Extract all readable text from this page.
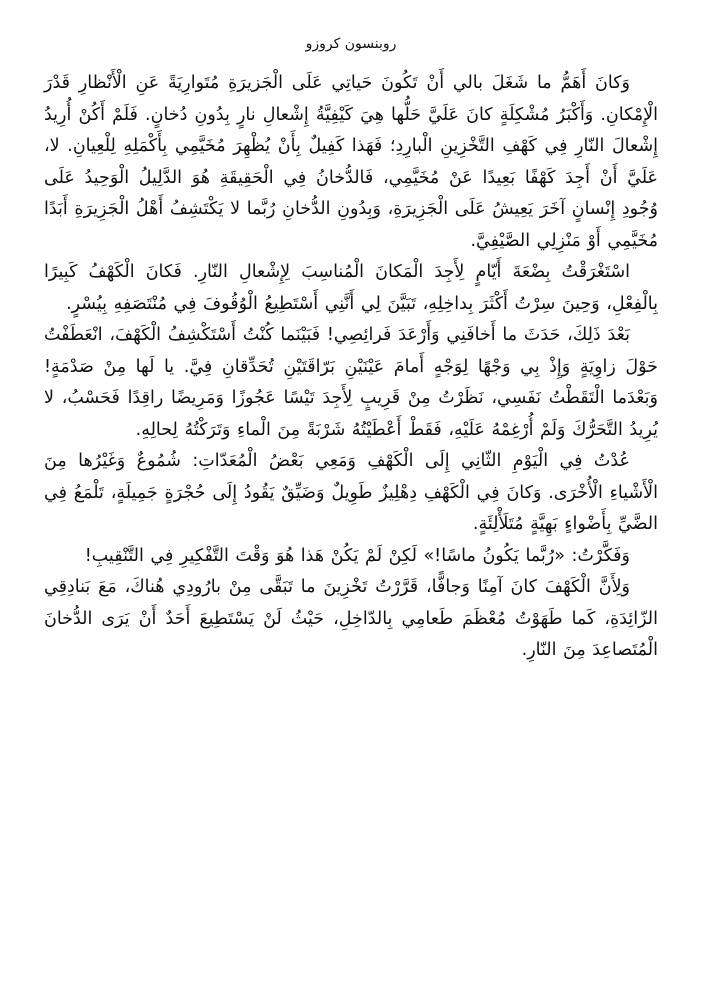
روبنسون كروزو

وَكانَ أَهَمُّ ما شَغَلَ بالي أَنْ تَكُونَ حَياتِي عَلَى الْجَزيرَةِ مُتَوارِيَةً عَنِ الْأَنْظارِ قَدْرَ الْإِمْكانِ. وَأَكْبَرُ مُشْكِلَةٍ كانَ عَلَيَّ حَلُّها هِيَ كَيْفِيَّةُ إِشْعالِ نارٍ بِدُونِ دُخانٍ. فَلَمْ أَكُنْ أُرِيدُ إِشْعالَ النّارِ فِي كَهْفِ التَّخْزِينِ الْبارِدِ؛ فَهَذا كَفِيلٌ بِأَنْ يُظْهِرَ مُخَيَّمِي بِأَكْمَلِهِ لِلْعِيانِ. لا، عَلَيَّ أَنْ أَجِدَ كَهْفًا بَعِيدًا عَنْ مُخَيَّمِي، فَالدُّخانُ فِي الْحَقِيقَةِ هُوَ الدَّلِيلُ الْوَحِيدُ عَلَى وُجُودِ إِنْسانٍ آخَرَ يَعِيشُ عَلَى الْجَزِيرَةِ، وَبِدُونِ الدُّخانِ رُبَّما لا يَكْتَشِفُ أَهْلُ الْجَزِيرَةِ أَبَدًا مُخَيَّمِي أَوْ مَنْزِلِي الصَّيْفِيَّ.

اسْتَغْرَقْتُ بِضْعَةَ أَيّامٍ لِأَجِدَ الْمَكانَ الْمُناسِبَ لِإِشْعالِ النّارِ. فَكانَ الْكَهْفُ كَبِيرًا بِالْفِعْلِ، وَحِينَ سِرْتُ أَكْثَرَ بِداخِلِهِ، تَبَيَّنَ لِي أَنَّنِي أَسْتَطِيعُ الْوُقُوفَ فِي مُنْتَصَفِهِ بِيُسْرٍ.

بَعْدَ ذَلِكَ، حَدَثَ ما أَخافَنِي وَأَرْعَدَ فَرائِصِي! فَبَيْنَما كُنْتُ أَسْتَكْشِفُ الْكَهْفَ، انْعَطَفْتُ حَوْلَ زاوِيَةٍ وَإِذْ بِي وَجْهًا لِوَجْهٍ أَمامَ عَيْنَيْنِ بَرّاقَتَيْنِ تُحَدِّقانِ فِيَّ. يا لَها مِنْ صَدْمَةٍ! وَبَعْدَما الْتَقَطْتُ نَفَسِي، نَظَرْتُ مِنْ قَرِيبٍ لِأَجِدَ تَيْسًا عَجُوزًا وَمَرِيضًا راقِدًا فَحَسْبُ، لا يُرِيدُ التَّحَرُّكَ وَلَمْ أُرْغِمْهُ عَلَيْهِ، فَقَطْ أَعْطَيْتُهُ شَرْبَةً مِنَ الْماءِ وَتَرَكْتُهُ لِحالِهِ.

عُدْتُ فِي الْيَوْمِ الثّانِي إِلَى الْكَهْفِ وَمَعِي بَعْضُ الْمُعَدّاتِ: شُمُوعٌ وَغَيْرُها مِنَ الْأَشْياءِ الْأُخْرَى. وَكانَ فِي الْكَهْفِ دِهْلِيزٌ طَوِيلٌ وَضَيِّقٌ يَقُودُ إِلَى حُجْرَةٍ جَمِيلَةٍ، تَلْمَعُ فِي الضَّيِّ بِأَضْواءٍ بَهِيَّةٍ مُتَلَأْلِئَةٍ.

وَفَكَّرْتُ: «رُبَّما يَكُونُ ماسًا!» لَكِنْ لَمْ يَكُنْ هَذا هُوَ وَقْتَ التَّفْكِيرِ فِي التَّنْقِيبِ!

وَلِأَنَّ الْكَهْفَ كانَ آمِنًا وَجافًّا، قَرَّرْتُ تَخْزِينَ ما تَبَقَّى مِنْ بارُودِي هُناكَ، مَعَ بَنادِقِي الزّائِدَةِ، كَما طَهَوْتُ مُعْظَمَ طَعامِي بِالدّاخِلِ، حَيْثُ لَنْ يَسْتَطِيعَ أَحَدٌ أَنْ يَرَى الدُّخانَ الْمُتَصاعِدَ مِنَ النّارِ.
